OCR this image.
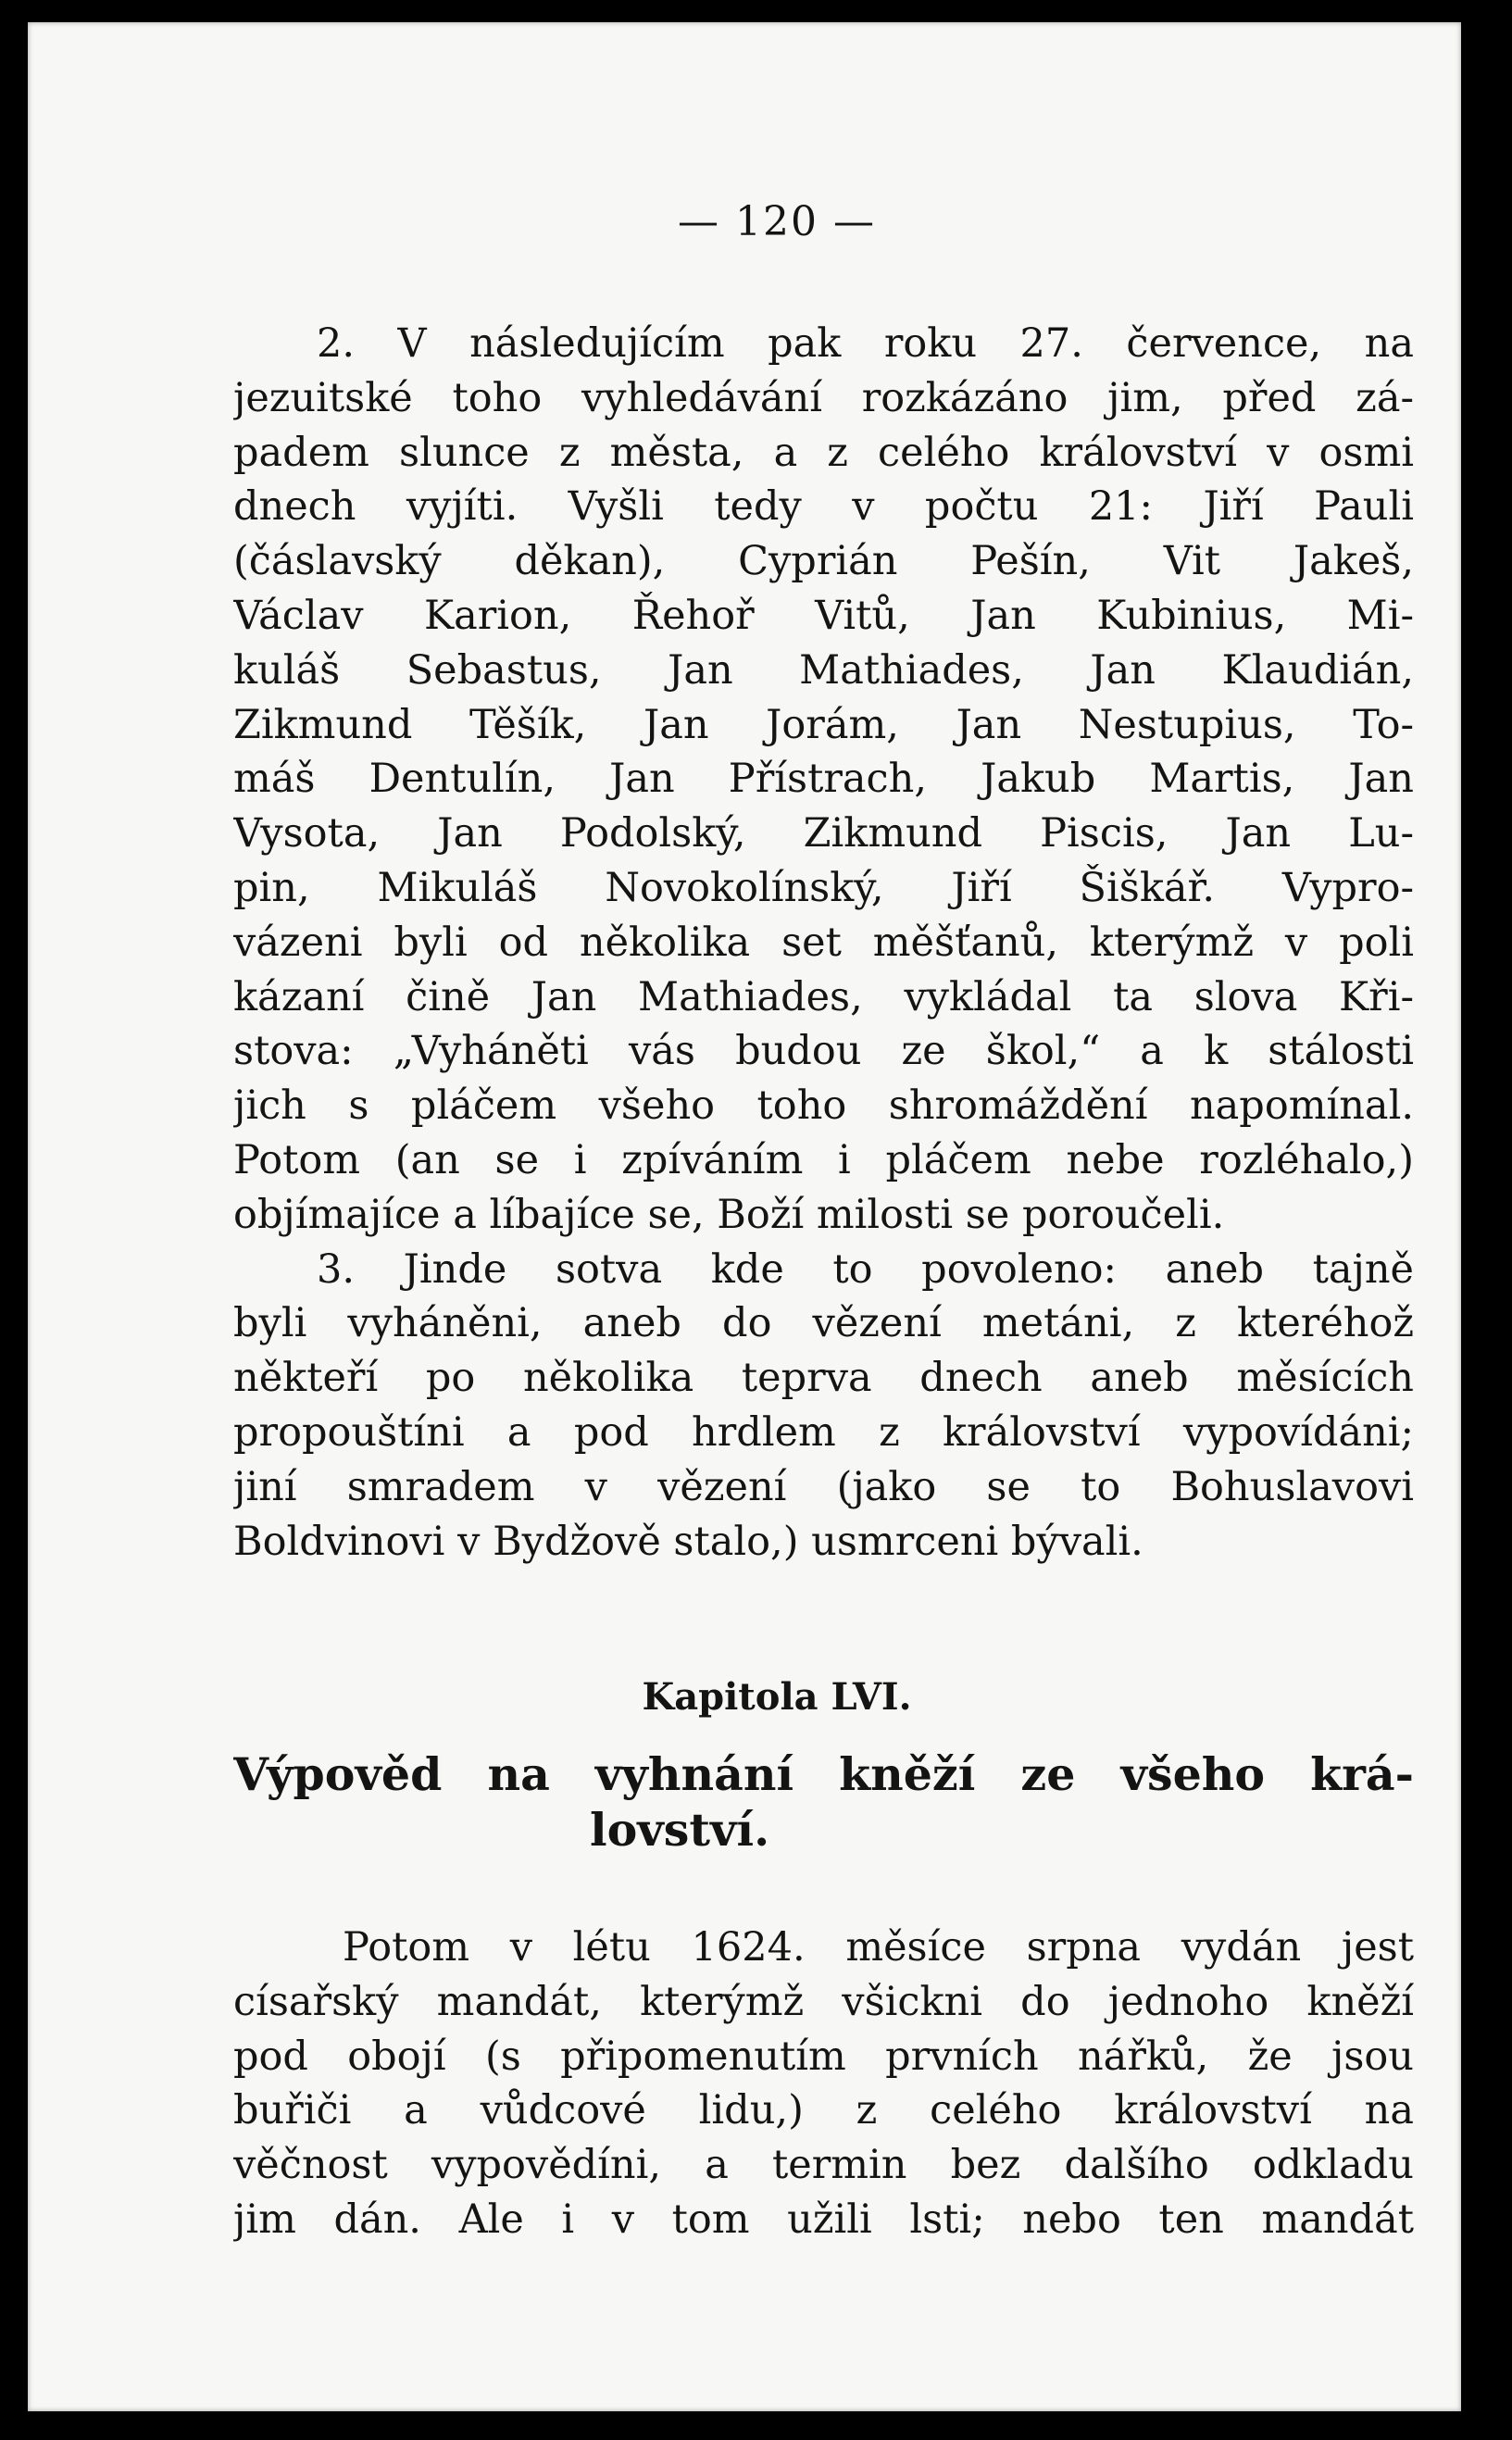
— 120 —
2. V následujícím pak roku 27. července, na
jezuitské toho vyhledávání rozkázáno jim, před zá-
padem slunce z města, a z celého království v osmi
dnech vyjíti. Vyšli tedy v počtu 21: Jiří Pauli
(čáslavský děkan), Cyprián Pešín, Vit Jakeš,
Václav Karion, Řehoř Vitů, Jan Kubinius, Mi-
kuláš Sebastus, Jan Mathiades, Jan Klaudián,
Zikmund Těšík, Jan Jorám, Jan Nestupius, To-
máš Dentulín, Jan Přístrach, Jakub Martis, Jan
Vysota, Jan Podolský, Zikmund Piscis, Jan Lu-
pin, Mikuláš Novokolínský, Jiří Šiškář. Vypro-
vázeni byli od několika set měšťanů, kterýmž v poli
kázaní čině Jan Mathiades, vykládal ta slova Kři-
stova: „Vyháněti vás budou ze škol,“ a k stálosti
jich s pláčem všeho toho shromáždění napomínal.
Potom (an se i zpíváním i pláčem nebe rozléhalo,)
objímajíce a líbajíce se, Boží milosti se poroučeli.
3. Jinde sotva kde to povoleno: aneb tajně
byli vyháněni, aneb do vězení metáni, z kteréhož
někteří po několika teprva dnech aneb měsících
propouštíni a pod hrdlem z království vypovídáni;
jiní smradem v vězení (jako se to Bohuslavovi
Boldvinovi v Bydžově stalo,) usmrceni bývali.
Kapitola LVI.
Výpověd na vyhnání kněží ze všeho krá-
lovství.
Potom v létu 1624. měsíce srpna vydán jest
císařský mandát, kterýmž všickni do jednoho kněží
pod obojí (s připomenutím prvních nářků, že jsou
buřiči a vůdcové lidu,) z celého království na
věčnost vypovědíni, a termin bez dalšího odkladu
jim dán. Ale i v tom užili lsti; nebo ten mandát
